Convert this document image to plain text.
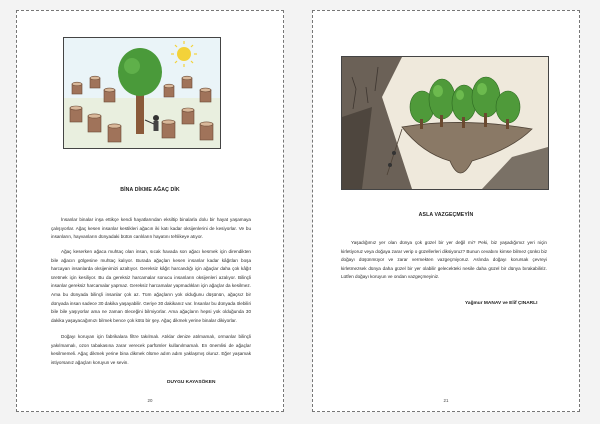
BİNA DİKME AĞAÇ DİK

İnsanlar binalar inşa ettikçe kendi hayatlarından eksiltip binalarla dolu bir hayat yaşamaya çalışıyorlar. Ağaç kesen insanlar kestikleri ağacın iki katı kadar oksijenlerini de kesiyorlar. Ve bu insanların, hayvanların dünyadaki bütün canlıların hayatını tehlikeye atıyor.

Ağaç keserken ağaca muhtaç olan insan, sıcak havada son ağacı kesmek için direndikten bile ağacın gölgesine muhtaç kalıyor. Burada ağaçları kesen insanlar kadar kâğıtları boşa harcayan insanlarda oksijenimizi azaltıyor. Gereksiz kâğıt harcandığı için ağaçlar daha çok kâğıt üretmek için kesiliyor. Bu da gereksiz harcamalar sonucu insanların oksijenleri azalıyor. Bilinçli insanlar gereksiz harcamalar yapmaz. Gereksiz harcamalar yapmadıkları için ağaçlar da kesilmez. Ama bu dünyada bilinçli insanlar çok az. Tüm ağaçların yok olduğunu düşünün, ağaçsız bir dünyada insan sadece 30 dakika yaşayabilir. Geriye 30 dakikanız var. İnsanlar bu dünyada ölebiliri bile bile yaşıyorlar ama ne zaman öleceğini bilmiyorlar. Ama ağaçların hepsi yok olduğunda 30 dakika yaşayacağımızı bilmek bence çok kötü bir şey. Ağaç dikmek yerine binalar dikiyorlar.

Doğayı koruyan için fabrikalara filtre takılmalı. Atıklar denize atılmamalı, ormanlar bilinçli yakılmamalı, ozon tabakasına zarar verecek parfümler kullanılmamalı. En önemlisi de ağaçlar kesilmemeli. Ağaç dikmek yerine bina dikmek ölüme adım adım yaklaşmış oluruz. Eğer yaşamak istiyorsanız ağaçları koruyun ve sevin.

DUYGU KAYASÖKEN
20
ASLA VAZGEÇMEYİN

Yaşadığımız yer olan dünya çok güzel bir yer değil mi? Peki, biz yaşadığımız yeri niçin kirletiyoruz veya doğaya zarar verip o güzellerleri diksiyoruz? Bunun cevabını kimse bilmez çünkü biz doğayı düşünmüyor ve zarar vermekten vazgeçmiyoruz. Aslında doğayı korursak çevreyi kirletmezsek dünya daha güzel bir yer olabilir gelecekteki nesile daha güzel bir dünya bırakabiliriz. Lütfen doğayı koruyun ve ondan vazgeçmeyiniz.

Yağmur MANAV ve Elif ÇINARLI
21
